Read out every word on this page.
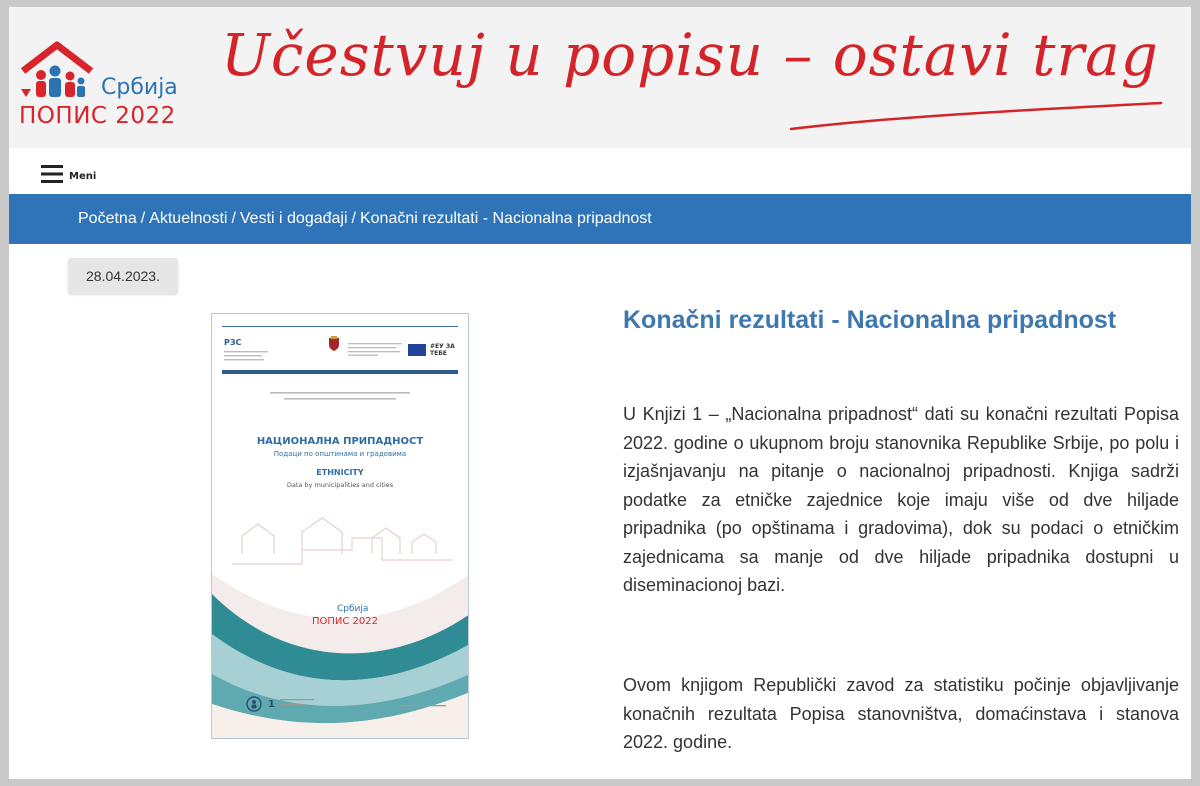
Србија
ПОПИС 2022
Učestvuj u popisu – ostavi trag
Meni
Početna / Aktuelnosti / Vesti i događaji / Konačni rezultati - Nacionalna pripadnost
28.04.2023.
РЗС	#ЕУ ЗА ТЕБЕ
НАЦИОНАЛНА ПРИПАДНОСТ
Подаци по општинама и градовима
ETHNICITY
Data by municipalities and cities
Србија
ПОПИС 2022
1
Konačni rezultati - Nacionalna pripadnost

U Knjizi 1 – „Nacionalna pripadnost“ dati su konačni rezultati Popisa 2022. godine o ukupnom broju stanovnika Republike Srbije, po polu i izjašnjavanju na pitanje o nacionalnoj pripadnosti. Knjiga sadrži podatke za etničke zajednice koje imaju više od dve hiljade pripadnika (po opštinama i gradovima), dok su podaci o etničkim zajednicama sa manje od dve hiljade pripadnika dostupni u diseminacionoj bazi.

Ovom knjigom Republički zavod za statistiku počinje objavljivanje konačnih rezultata Popisa stanovništva, domaćinstava i stanova 2022. godine.
